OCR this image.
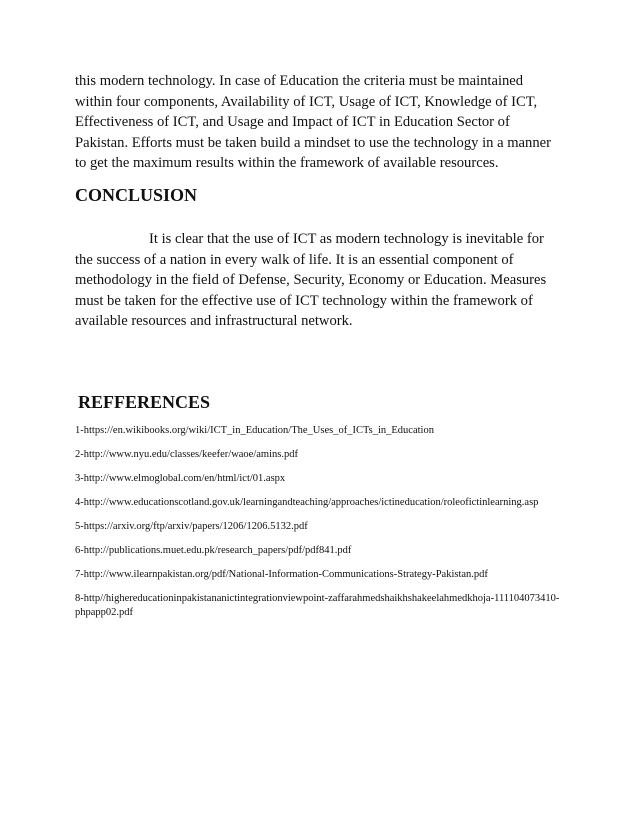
this modern technology. In case of Education the criteria must be maintained
within four components, Availability of ICT, Usage of ICT, Knowledge of ICT,
Effectiveness of ICT, and Usage and Impact of ICT in Education Sector of
Pakistan. Efforts must be taken build a mindset to use the technology in a manner
to get the maximum results within the framework of available resources.

CONCLUSION

It is clear that the use of ICT as modern technology is inevitable for
the success of a nation in every walk of life. It is an essential component of
methodology in the field of Defense, Security, Economy or Education. Measures
must be taken for the effective use of ICT technology within the framework of
available resources and infrastructural network.

REFFERENCES
1-https://en.wikibooks.org/wiki/ICT_in_Education/The_Uses_of_ICTs_in_Education
2-http://www.nyu.edu/classes/keefer/waoe/amins.pdf
3-http://www.elmoglobal.com/en/html/ict/01.aspx
4-http://www.educationscotland.gov.uk/learningandteaching/approaches/ictineducation/roleofictinlearning.asp
5-https://arxiv.org/ftp/arxiv/papers/1206/1206.5132.pdf
6-http://publications.muet.edu.pk/research_papers/pdf/pdf841.pdf
7-http://www.ilearnpakistan.org/pdf/National-Information-Communications-Strategy-Pakistan.pdf
8-http//highereducationinpakistananictintegrationviewpoint-zaffarahmedshaikhshakeelahmedkhoja-111104073410-phpapp02.pdf
